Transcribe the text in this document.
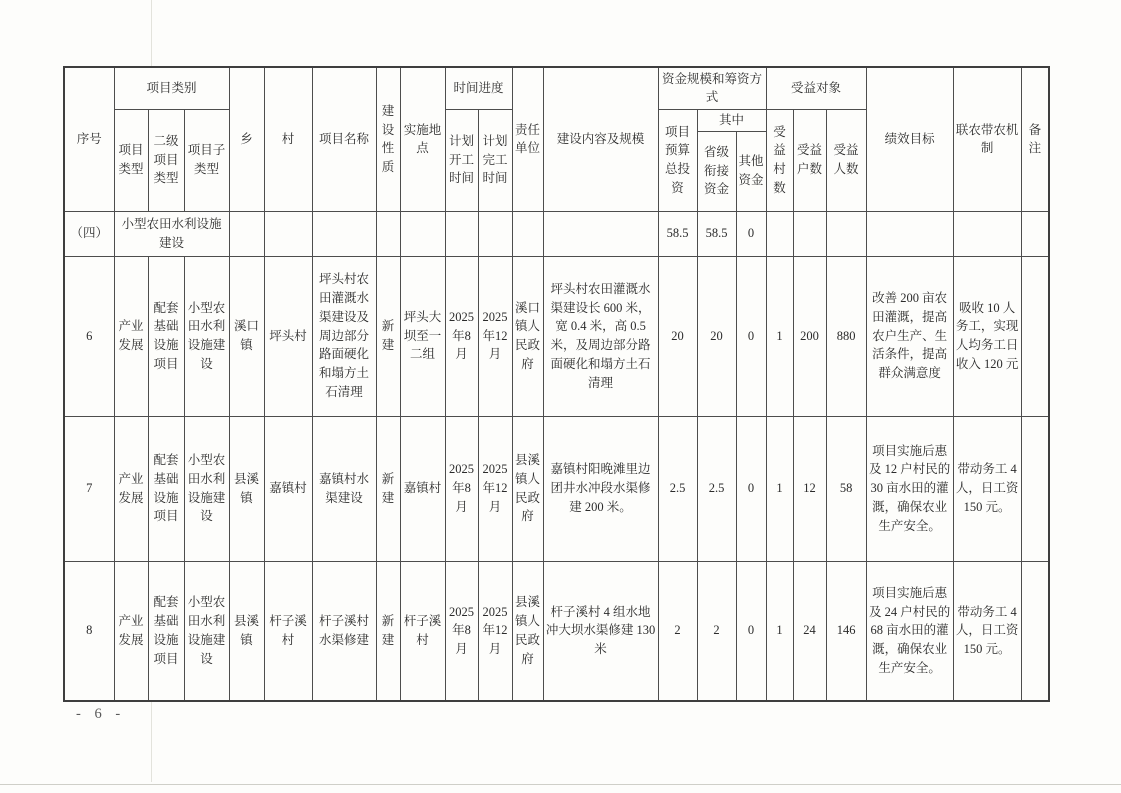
序号	项目类别			乡	村	项目名称	建设性质	实施地点	时间进度		责任单位	建设内容及规模	资金规模和筹资方式			受益对象			绩效目标	联农带农机制	备注
	项目类型	二级项目类型	项目子类型						计划开工时间	计划完工时间			项目预算总投资	其中		受益村数	受益户数	受益人数			
														省级衔接资金	其他资金						
（四）	小型农田水利设施建设												58.5	58.5	0						
6	产业发展	配套基础设施项目	小型农田水利设施建设	溪口镇	坪头村	坪头村农田灌溉水渠建设及周边部分路面硬化和塌方土石清理	新建	坪头大坝至一二组	2025年8月	2025年12月	溪口镇人民政府	坪头村农田灌溉水渠建设长 600 米，宽 0.4 米，高 0.5 米，及周边部分路面硬化和塌方土石清理	20	20	0	1	200	880	改善 200 亩农田灌溉，提高农户生产、生活条件，提高群众满意度	吸收 10 人务工，实现人均务工日收入 120 元	
7	产业发展	配套基础设施项目	小型农田水利设施建设	县溪镇	嘉镇村	嘉镇村水渠建设	新建	嘉镇村	2025年8月	2025年12月	县溪镇人民政府	嘉镇村阳晚滩里边团井水冲段水渠修建 200 米。	2.5	2.5	0	1	12	58	项目实施后惠及 12 户村民的 30 亩水田的灌溉，确保农业生产安全。	带动务工 4 人，日工资 150 元。	
8	产业发展	配套基础设施项目	小型农田水利设施建设	县溪镇	杆子溪村	杆子溪村水渠修建	新建	杆子溪村	2025年8月	2025年12月	县溪镇人民政府	杆子溪村 4 组水地冲大坝水渠修建 130 米	2	2	0	1	24	146	项目实施后惠及 24 户村民的 68 亩水田的灌溉，确保农业生产安全。	带动务工 4 人，日工资 150 元。	
- 6 -
